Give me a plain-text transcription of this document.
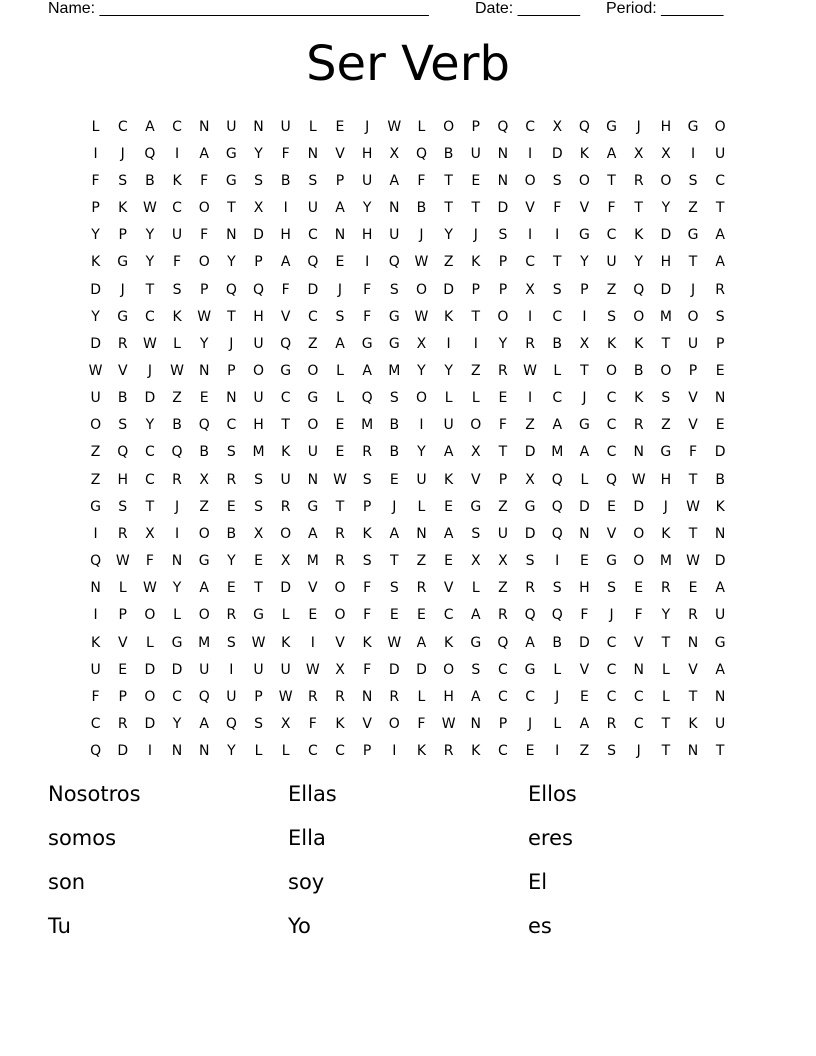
Name: _____________________________________	Date: _______ Period: _______
Ser Verb
L	C	A	C	N	U	N	U	L	E	J	W	L	O	P	Q	C	X	Q	G	J	H	G	O
I	J	Q	I	A	G	Y	F	N	V	H	X	Q	B	U	N	I	D	K	A	X	X	I	U
F	S	B	K	F	G	S	B	S	P	U	A	F	T	E	N	O	S	O	T	R	O	S	C
P	K	W	C	O	T	X	I	U	A	Y	N	B	T	T	D	V	F	V	F	T	Y	Z	T
Y	P	Y	U	F	N	D	H	C	N	H	U	J	Y	J	S	I	I	G	C	K	D	G	A
K	G	Y	F	O	Y	P	A	Q	E	I	Q	W	Z	K	P	C	T	Y	U	Y	H	T	A
D	J	T	S	P	Q	Q	F	D	J	F	S	O	D	P	P	X	S	P	Z	Q	D	J	R
Y	G	C	K	W	T	H	V	C	S	F	G	W	K	T	O	I	C	I	S	O	M	O	S
D	R	W	L	Y	J	U	Q	Z	A	G	G	X	I	I	Y	R	B	X	K	K	T	U	P
W	V	J	W	N	P	O	G	O	L	A	M	Y	Y	Z	R	W	L	T	O	B	O	P	E
U	B	D	Z	E	N	U	C	G	L	Q	S	O	L	L	E	I	C	J	C	K	S	V	N
O	S	Y	B	Q	C	H	T	O	E	M	B	I	U	O	F	Z	A	G	C	R	Z	V	E
Z	Q	C	Q	B	S	M	K	U	E	R	B	Y	A	X	T	D	M	A	C	N	G	F	D
Z	H	C	R	X	R	S	U	N	W	S	E	U	K	V	P	X	Q	L	Q	W	H	T	B
G	S	T	J	Z	E	S	R	G	T	P	J	L	E	G	Z	G	Q	D	E	D	J	W	K
I	R	X	I	O	B	X	O	A	R	K	A	N	A	S	U	D	Q	N	V	O	K	T	N
Q	W	F	N	G	Y	E	X	M	R	S	T	Z	E	X	X	S	I	E	G	O	M	W	D
N	L	W	Y	A	E	T	D	V	O	F	S	R	V	L	Z	R	S	H	S	E	R	E	A
I	P	O	L	O	R	G	L	E	O	F	E	E	C	A	R	Q	Q	F	J	F	Y	R	U
K	V	L	G	M	S	W	K	I	V	K	W	A	K	G	Q	A	B	D	C	V	T	N	G
U	E	D	D	U	I	U	U	W	X	F	D	D	O	S	C	G	L	V	C	N	L	V	A
F	P	O	C	Q	U	P	W	R	R	N	R	L	H	A	C	C	J	E	C	C	L	T	N
C	R	D	Y	A	Q	S	X	F	K	V	O	F	W	N	P	J	L	A	R	C	T	K	U
Q	D	I	N	N	Y	L	L	C	C	P	I	K	R	K	C	E	I	Z	S	J	T	N	T
Nosotros	Ellas	Ellos
somos	Ella	eres
son	soy	El
Tu	Yo	es
